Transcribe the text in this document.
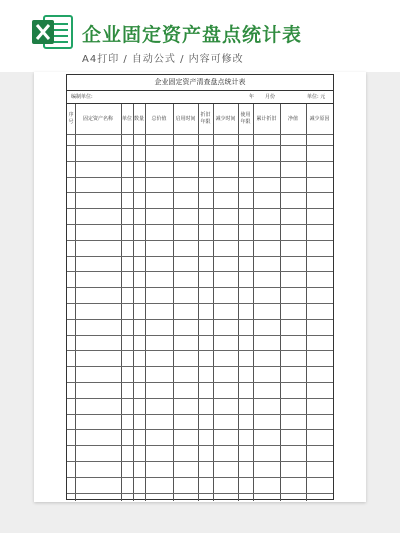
企业固定资产盘点统计表
A4打印 / 自动公式 / 内容可修改
企业固定资产清查盘点统计表
编制单位:	年 月份	单位: 元
序号
固定资产名称 单位 数量 总价值 启用时间
折旧年限
减少时间
使用年限
累计折旧 净值 减少原因
